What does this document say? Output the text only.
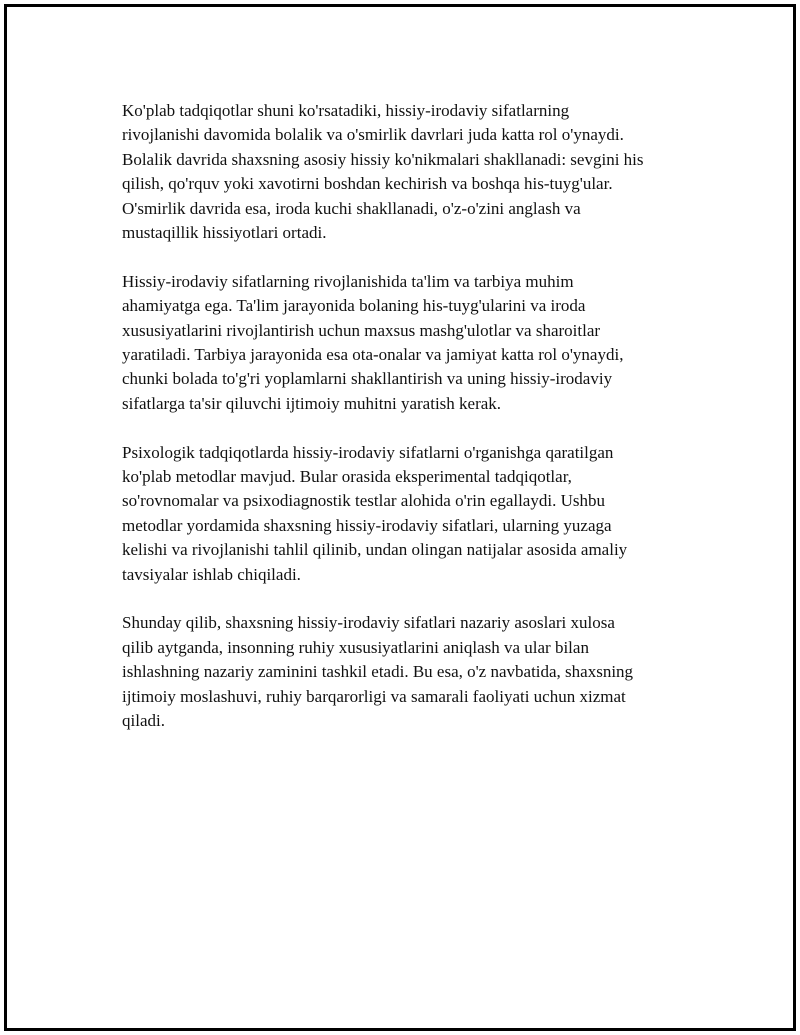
Ko'plab tadqiqotlar shuni ko'rsatadiki, hissiy-irodaviy sifatlarning
rivojlanishi davomida bolalik va o'smirlik davrlari juda katta rol o'ynaydi.
Bolalik davrida shaxsning asosiy hissiy ko'nikmalari shakllanadi: sevgini his
qilish, qo'rquv yoki xavotirni boshdan kechirish va boshqa his-tuyg'ular.
O'smirlik davrida esa, iroda kuchi shakllanadi, o'z-o'zini anglash va
mustaqillik hissiyotlari ortadi.

Hissiy-irodaviy sifatlarning rivojlanishida ta'lim va tarbiya muhim
ahamiyatga ega. Ta'lim jarayonida bolaning his-tuyg'ularini va iroda
xususiyatlarini rivojlantirish uchun maxsus mashg'ulotlar va sharoitlar
yaratiladi. Tarbiya jarayonida esa ota-onalar va jamiyat katta rol o'ynaydi,
chunki bolada to'g'ri yoplamlarni shakllantirish va uning hissiy-irodaviy
sifatlarga ta'sir qiluvchi ijtimoiy muhitni yaratish kerak.

Psixologik tadqiqotlarda hissiy-irodaviy sifatlarni o'rganishga qaratilgan
ko'plab metodlar mavjud. Bular orasida eksperimental tadqiqotlar,
so'rovnomalar va psixodiagnostik testlar alohida o'rin egallaydi. Ushbu
metodlar yordamida shaxsning hissiy-irodaviy sifatlari, ularning yuzaga
kelishi va rivojlanishi tahlil qilinib, undan olingan natijalar asosida amaliy
tavsiyalar ishlab chiqiladi.

Shunday qilib, shaxsning hissiy-irodaviy sifatlari nazariy asoslari xulosa
qilib aytganda, insonning ruhiy xususiyatlarini aniqlash va ular bilan
ishlashning nazariy zaminini tashkil etadi. Bu esa, o'z navbatida, shaxsning
ijtimoiy moslashuvi, ruhiy barqarorligi va samarali faoliyati uchun xizmat
qiladi.
